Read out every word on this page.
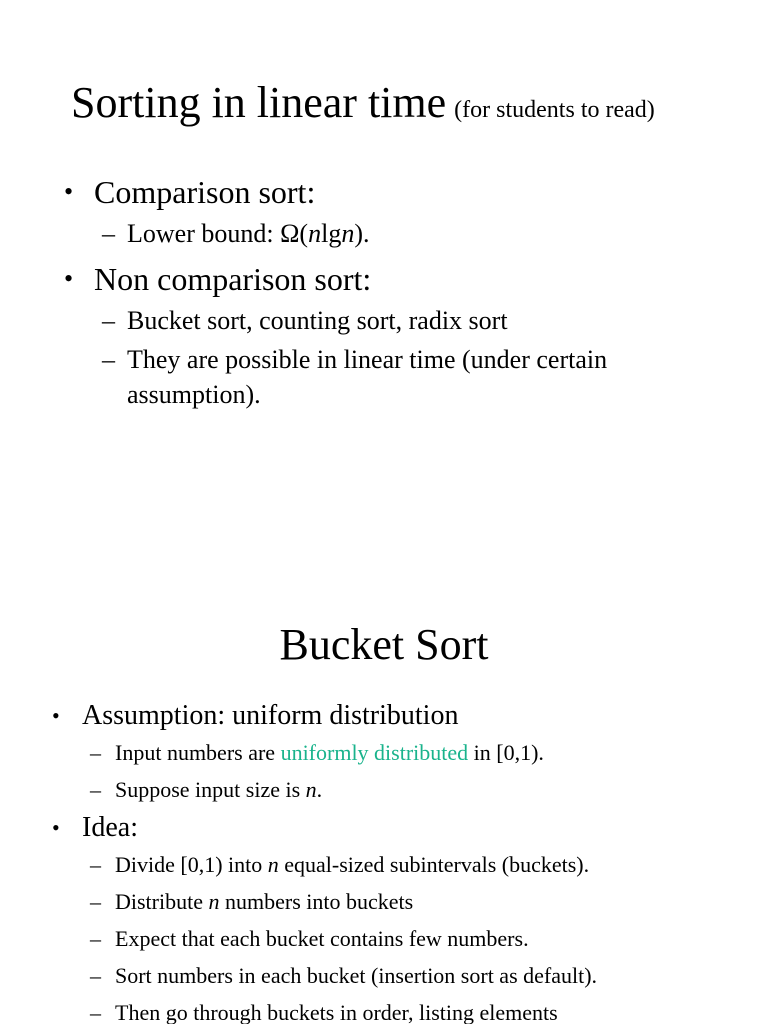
Sorting in linear time (for students to read)
• Comparison sort:
– Lower bound: Ω(nlgn).
• Non comparison sort:
– Bucket sort, counting sort, radix sort
– They are possible in linear time (under certain
assumption).
Bucket Sort
• Assumption: uniform distribution
– Input numbers are uniformly distributed in [0,1).
– Suppose input size is n.
• Idea:
– Divide [0,1) into n equal-sized subintervals (buckets).
– Distribute n numbers into buckets
– Expect that each bucket contains few numbers.
– Sort numbers in each bucket (insertion sort as default).
– Then go through buckets in order, listing elements
